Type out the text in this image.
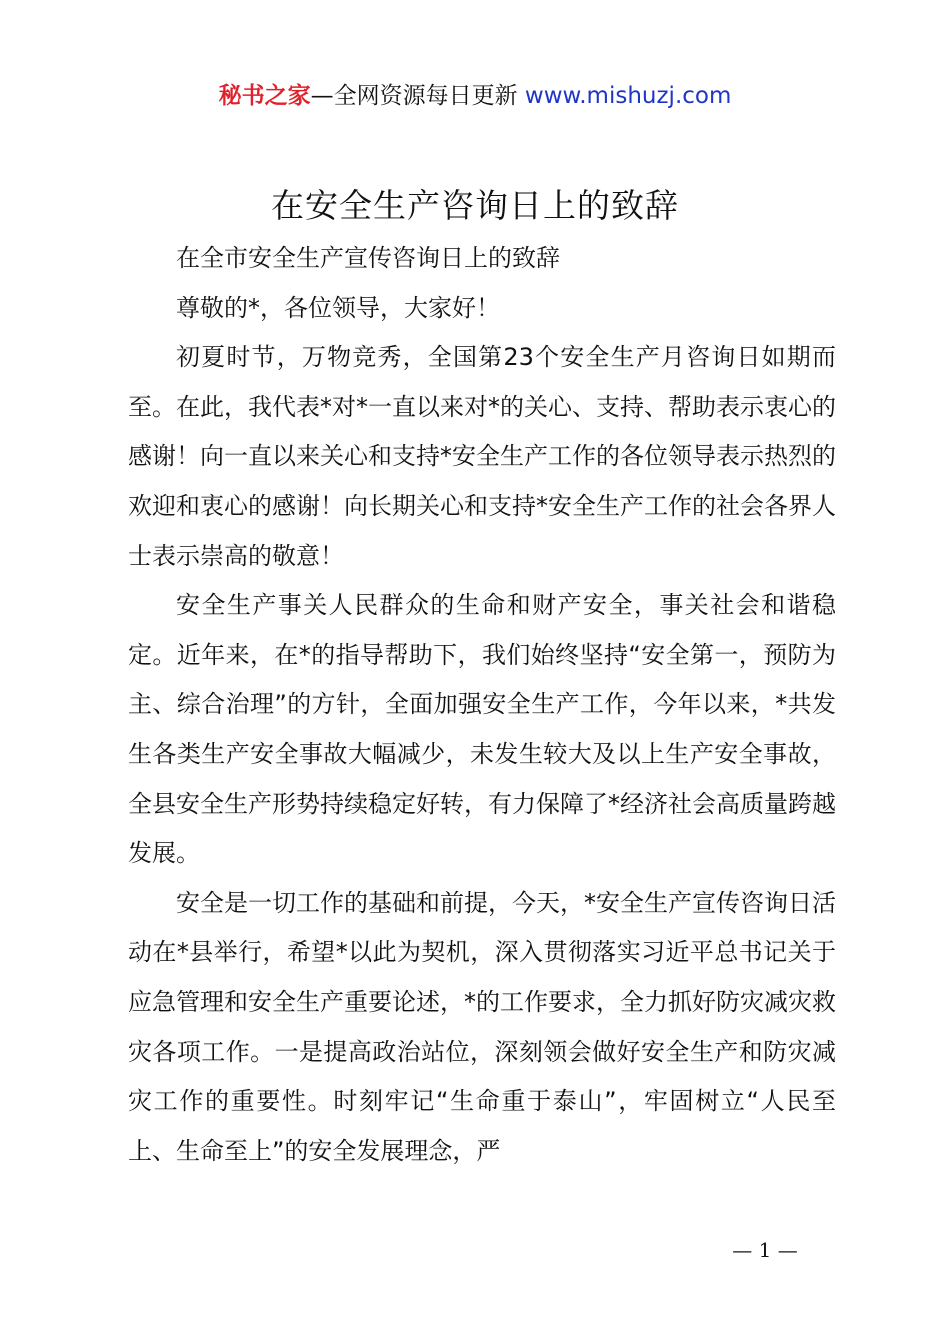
秘书之家—全网资源每日更新 www.mishuzj.com
在安全生产咨询日上的致辞

在全市安全生产宣传咨询日上的致辞

尊敬的*，各位领导，大家好！

初夏时节，万物竞秀，全国第23个安全生产月咨询日如期而至。在此，我代表*对*一直以来对*的关心、支持、帮助表示衷心的感谢！向一直以来关心和支持*安全生产工作的各位领导表示热烈的欢迎和衷心的感谢！向长期关心和支持*安全生产工作的社会各界人士表示崇高的敬意！

安全生产事关人民群众的生命和财产安全，事关社会和谐稳定。近年来，在*的指导帮助下，我们始终坚持“安全第一，预防为主、综合治理”的方针，全面加强安全生产工作，今年以来，*共发生各类生产安全事故大幅减少，未发生较大及以上生产安全事故，全县安全生产形势持续稳定好转，有力保障了*经济社会高质量跨越发展。

安全是一切工作的基础和前提，今天，*安全生产宣传咨询日活动在*县举行，希望*以此为契机，深入贯彻落实习近平总书记关于应急管理和安全生产重要论述，*的工作要求，全力抓好防灾减灾救灾各项工作。一是提高政治站位，深刻领会做好安全生产和防灾减灾工作的重要性。时刻牢记“生命重于泰山”，牢固树立“人民至上、生命至上”的安全发展理念，严

— 1 —
